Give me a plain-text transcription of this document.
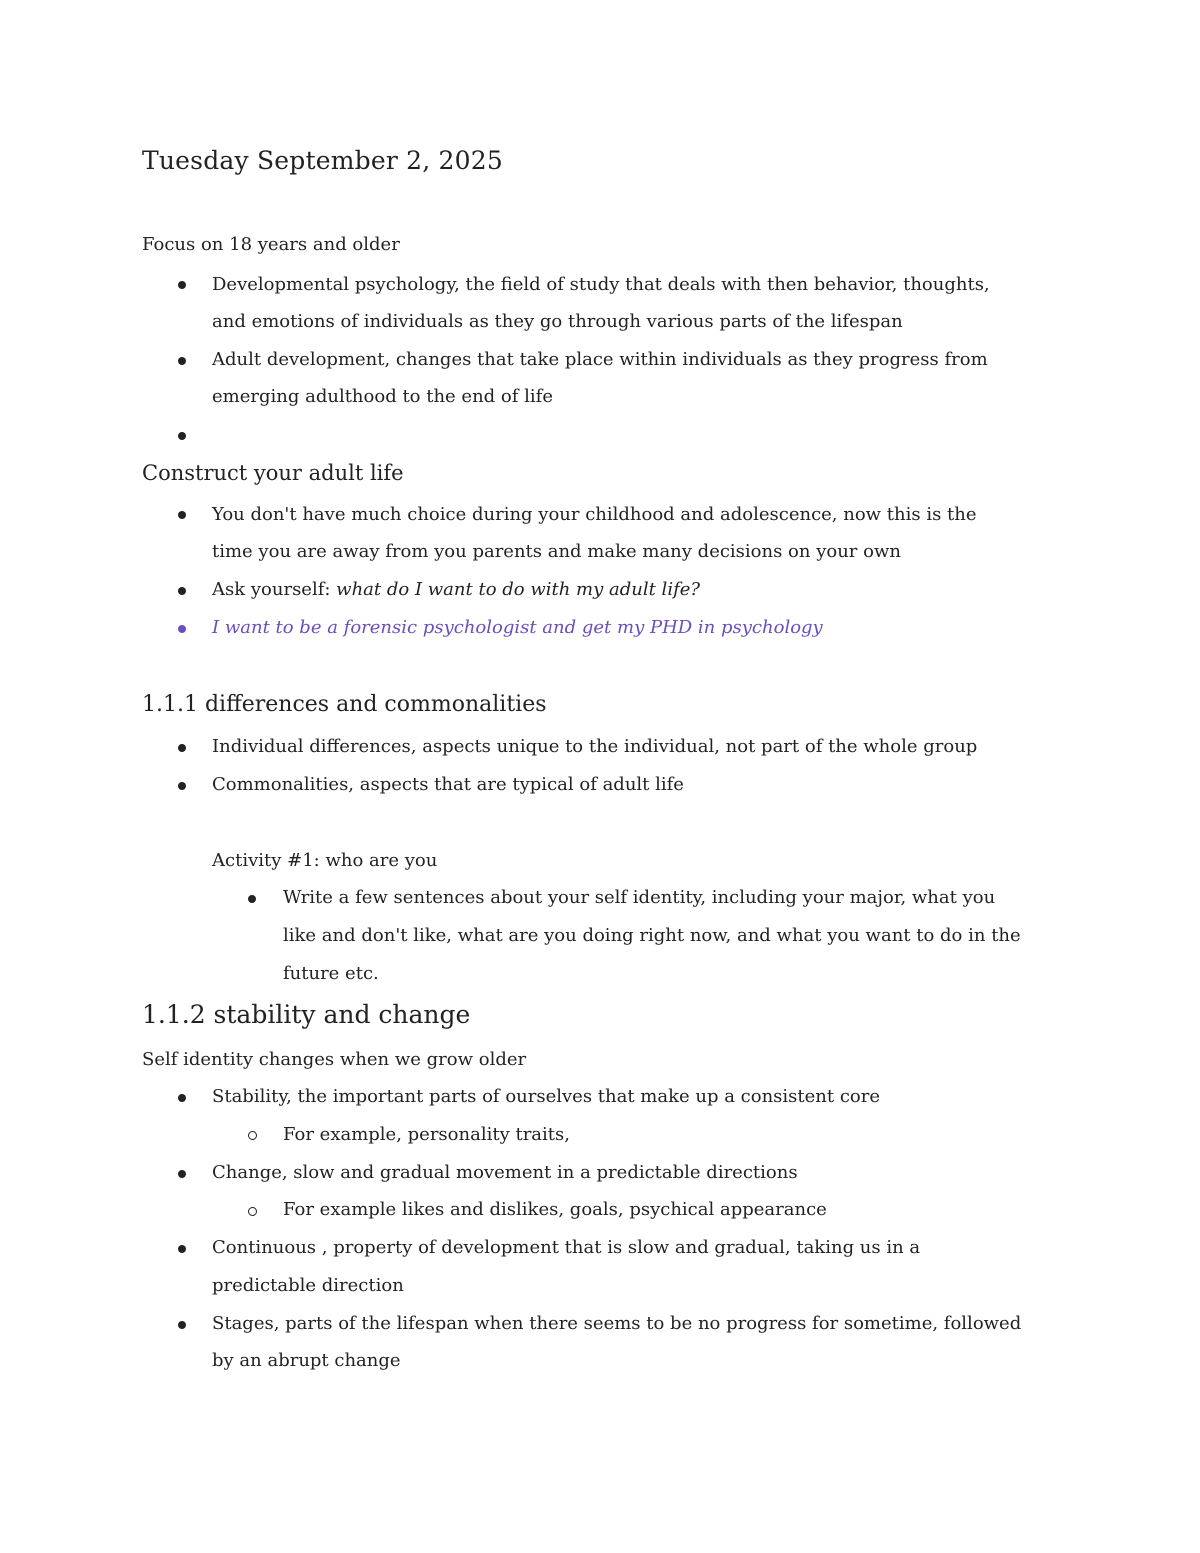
Tuesday September 2, 2025
Focus on 18 years and older
Developmental psychology, the field of study that deals with then behavior, thoughts,
and emotions of individuals as they go through various parts of the lifespan
Adult development, changes that take place within individuals as they progress from
emerging adulthood to the end of life
Construct your adult life
You don't have much choice during your childhood and adolescence, now this is the
time you are away from you parents and make many decisions on your own
Ask yourself: what do I want to do with my adult life?
I want to be a forensic psychologist and get my PHD in psychology
1.1.1 differences and commonalities
Individual differences, aspects unique to the individual, not part of the whole group
Commonalities, aspects that are typical of adult life
Activity #1: who are you
Write a few sentences about your self identity, including your major, what you
like and don't like, what are you doing right now, and what you want to do in the
future etc.
1.1.2 stability and change
Self identity changes when we grow older
Stability, the important parts of ourselves that make up a consistent core
For example, personality traits,
Change, slow and gradual movement in a predictable directions
For example likes and dislikes, goals, psychical appearance
Continuous , property of development that is slow and gradual, taking us in a
predictable direction
Stages, parts of the lifespan when there seems to be no progress for sometime, followed
by an abrupt change
